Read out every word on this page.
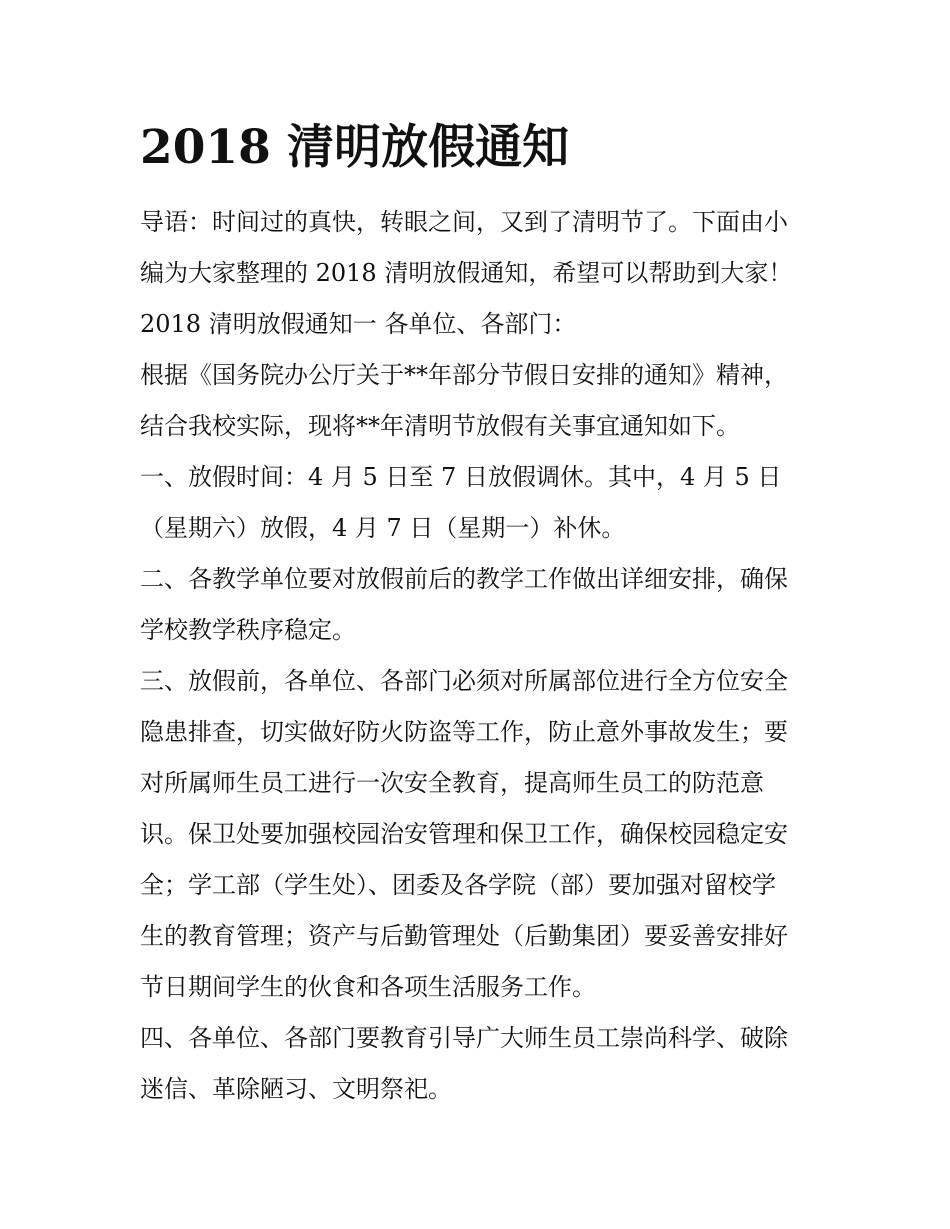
2018 清明放假通知
导语：时间过的真快，转眼之间，又到了清明节了。下面由小
编为大家整理的 2018 清明放假通知，希望可以帮助到大家！
2018 清明放假通知一 各单位、各部门：
根据《国务院办公厅关于**年部分节假日安排的通知》精神，
结合我校实际，现将**年清明节放假有关事宜通知如下。
一、放假时间：4 月 5 日至 7 日放假调休。其中，4 月 5 日
（星期六）放假，4 月 7 日（星期一）补休。
二、各教学单位要对放假前后的教学工作做出详细安排，确保
学校教学秩序稳定。
三、放假前，各单位、各部门必须对所属部位进行全方位安全
隐患排查，切实做好防火防盗等工作，防止意外事故发生；要
对所属师生员工进行一次安全教育，提高师生员工的防范意
识。保卫处要加强校园治安管理和保卫工作，确保校园稳定安
全；学工部（学生处）、团委及各学院（部）要加强对留校学
生的教育管理；资产与后勤管理处（后勤集团）要妥善安排好
节日期间学生的伙食和各项生活服务工作。
四、各单位、各部门要教育引导广大师生员工崇尚科学、破除
迷信、革除陋习、文明祭祀。
